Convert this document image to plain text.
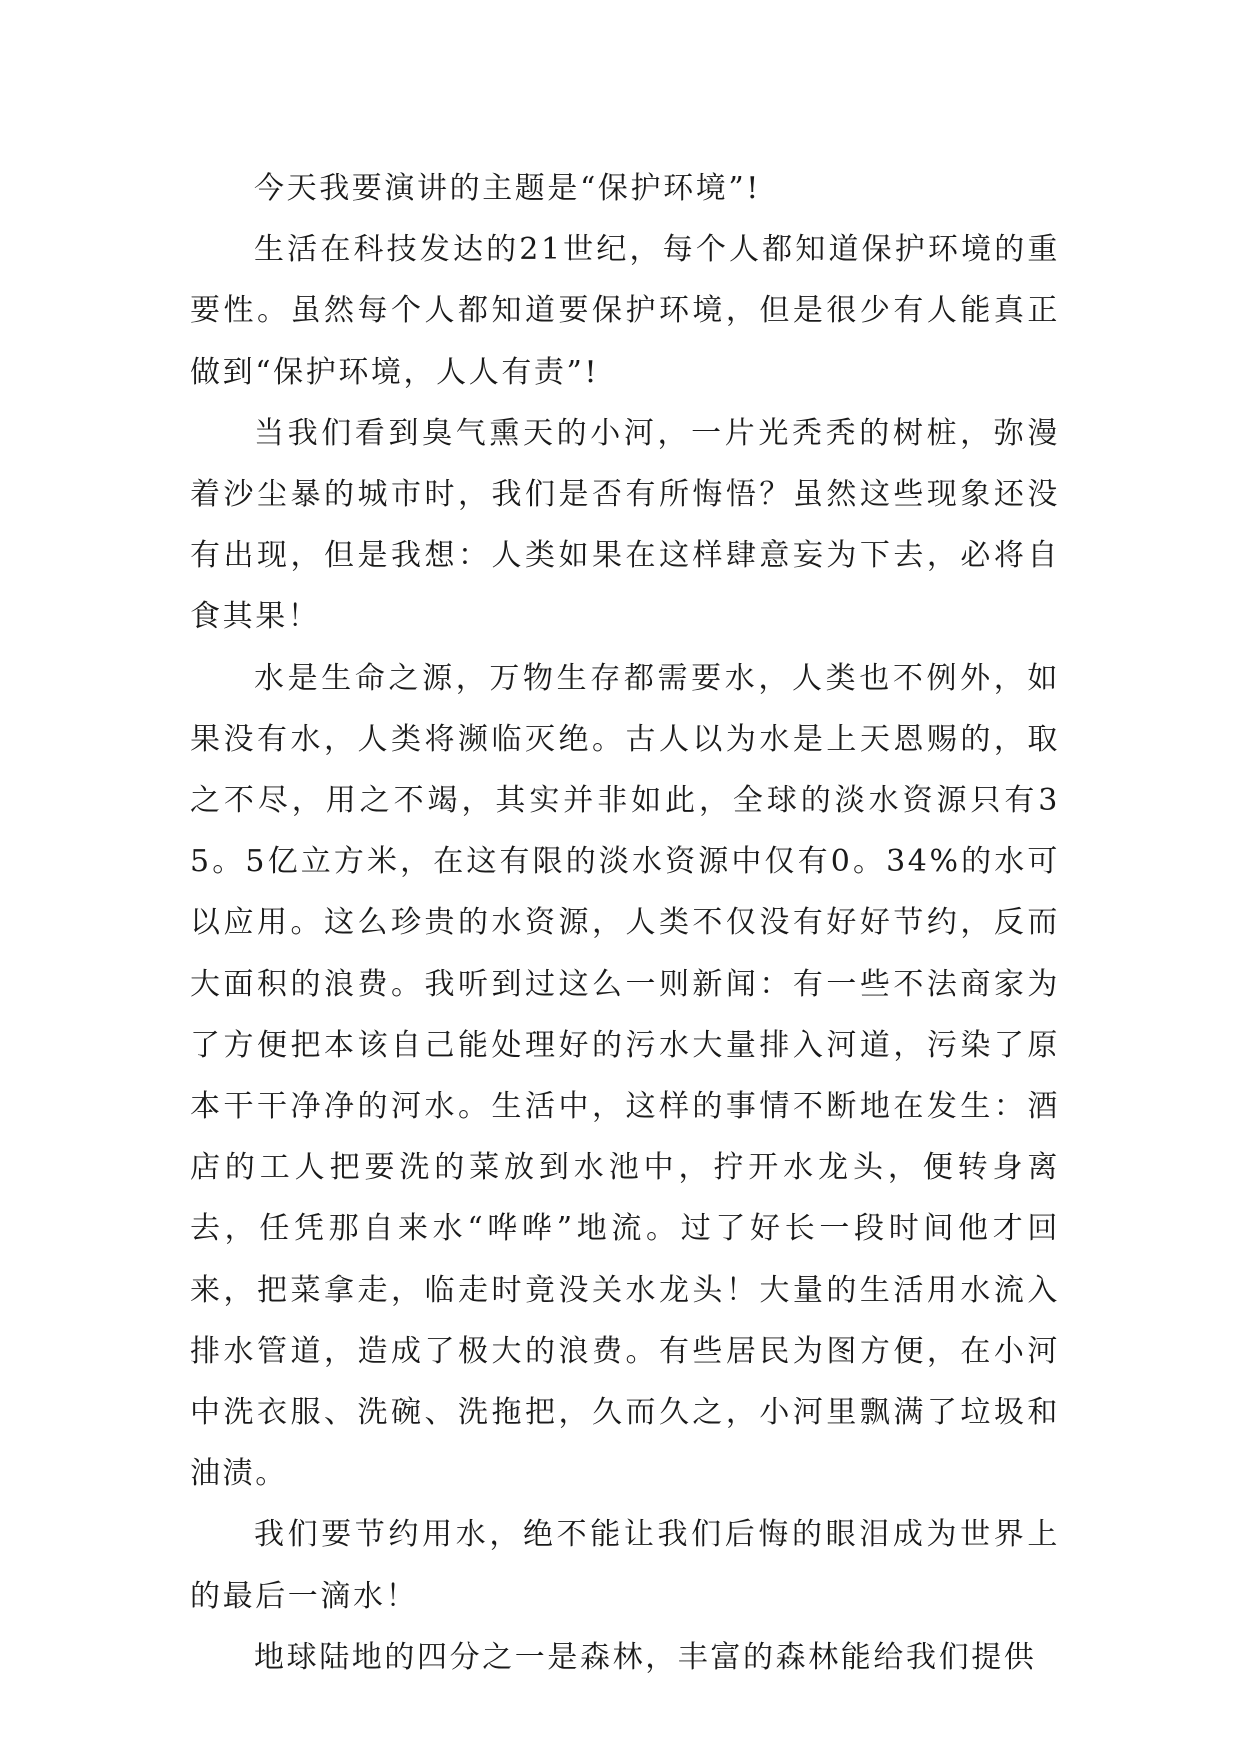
今天我要演讲的主题是“保护环境”!

生活在科技发达的21世纪，每个人都知道保护环境的重要性。虽然每个人都知道要保护环境，但是很少有人能真正做到“保护环境，人人有责”!

当我们看到臭气熏天的小河，一片光秃秃的树桩，弥漫着沙尘暴的城市时，我们是否有所悔悟？虽然这些现象还没有出现，但是我想：人类如果在这样肆意妄为下去，必将自食其果！

水是生命之源，万物生存都需要水，人类也不例外，如果没有水，人类将濒临灭绝。古人以为水是上天恩赐的，取之不尽，用之不竭，其实并非如此，全球的淡水资源只有35。5亿立方米，在这有限的淡水资源中仅有0。34%的水可以应用。这么珍贵的水资源，人类不仅没有好好节约，反而大面积的浪费。我听到过这么一则新闻：有一些不法商家为了方便把本该自己能处理好的污水大量排入河道，污染了原本干干净净的河水。生活中，这样的事情不断地在发生：酒店的工人把要洗的菜放到水池中，拧开水龙头，便转身离去，任凭那自来水“哗哗”地流。过了好长一段时间他才回来，把菜拿走，临走时竟没关水龙头！大量的生活用水流入排水管道，造成了极大的浪费。有些居民为图方便，在小河中洗衣服、洗碗、洗拖把，久而久之，小河里飘满了垃圾和油渍。

我们要节约用水，绝不能让我们后悔的眼泪成为世界上的最后一滴水！

地球陆地的四分之一是森林，丰富的森林能给我们提供
